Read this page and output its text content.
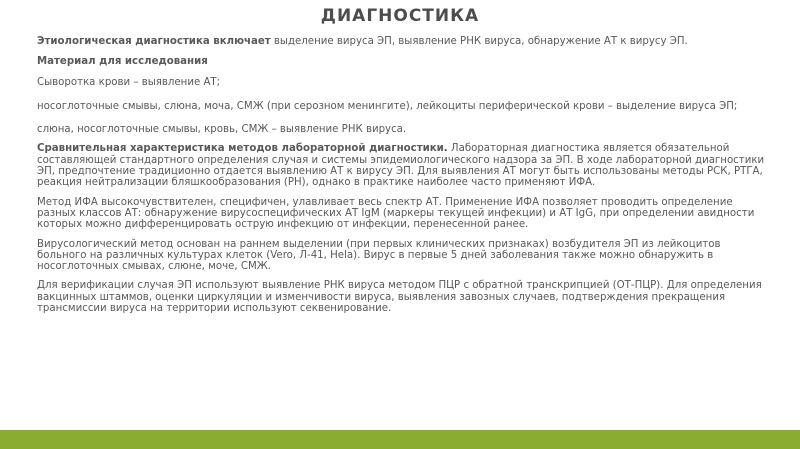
ДИАГНОСТИКА

Этиологическая диагностика включает выделение вируса ЭП, выявление РНК вируса, обнаружение АТ к вирусу ЭП.

Материал для исследования

Сыворотка крови – выявление АТ;

носоглоточные смывы, слюна, моча, СМЖ (при серозном менингите), лейкоциты периферической крови – выделение вируса ЭП;

слюна, носоглоточные смывы, кровь, СМЖ – выявление РНК вируса.

Сравнительная характеристика методов лабораторной диагностики. Лабораторная диагностика является обязательной составляющей стандартного определения случая и системы эпидемиологического надзора за ЭП. В ходе лабораторной диагностики ЭП, предпочтение традиционно отдается выявлению АТ к вирусу ЭП. Для выявления АТ могут быть использованы методы РСК, РТГА, реакция нейтрализации бляшкообразования (РН), однако в практике наиболее часто применяют ИФА.

Метод ИФА высокочувствителен, специфичен, улавливает весь спектр АТ. Применение ИФА позволяет проводить определение разных классов АТ: обнаружение вирусоспецифических АТ IgM (маркеры текущей инфекции) и АТ IgG, при определении авидности которых можно дифференцировать острую инфекцию от инфекции, перенесенной ранее.

Вирусологический метод основан на раннем выделении (при первых клинических признаках) возбудителя ЭП из лейкоцитов больного на различных культурах клеток (Vero, Л-41, Hela). Вирус в первые 5 дней заболевания также можно обнаружить в носоглоточных смывах, слюне, моче, СМЖ.

Для верификации случая ЭП используют выявление РНК вируса методом ПЦР с обратной транскрипцией (ОТ-ПЦР). Для определения вакцинных штаммов, оценки циркуляции и изменчивости вируса, выявления завозных случаев, подтверждения прекращения трансмиссии вируса на территории используют секвенирование.
